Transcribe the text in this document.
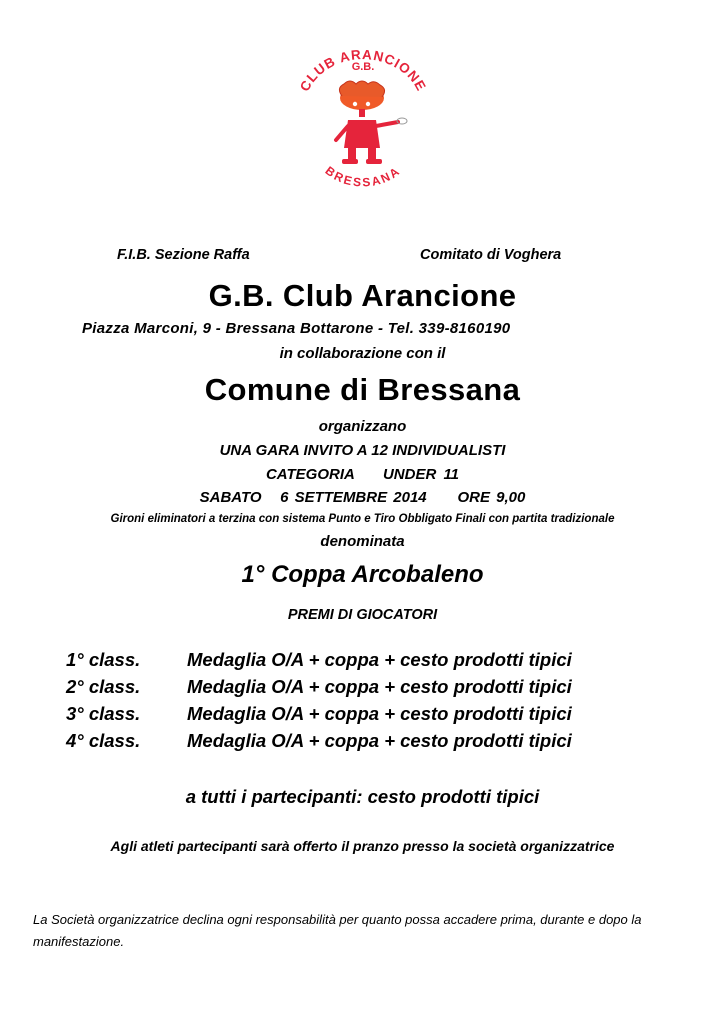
G.B.
CLUB ARANCIONE
BRESSANA
F.I.B. Sezione Raffa	Comitato di Voghera
G.B. Club Arancione
Piazza Marconi, 9 - Bressana Bottarone - Tel. 339-8160190
in collaborazione con il
Comune di Bressana
organizzano
UNA GARA INVITO A 12 INDIVIDUALISTI
CATEGORIA    UNDER 11
SABATO   6 SETTEMBRE 2014     ORE 9,00
Gironi eliminatori a terzina con sistema Punto e Tiro Obbligato Finali con partita tradizionale
denominata
1° Coppa Arcobaleno
PREMI DI GIOCATORI
1° class.	Medaglia O/A + coppa + cesto prodotti tipici
2° class.	Medaglia O/A + coppa + cesto prodotti tipici
3° class.	Medaglia O/A + coppa + cesto prodotti tipici
4° class.	Medaglia O/A + coppa + cesto prodotti tipici
a tutti i partecipanti: cesto prodotti tipici
Agli atleti partecipanti sarà offerto il pranzo presso la società organizzatrice
La Società organizzatrice declina ogni responsabilità per quanto possa accadere prima, durante e dopo la manifestazione.
